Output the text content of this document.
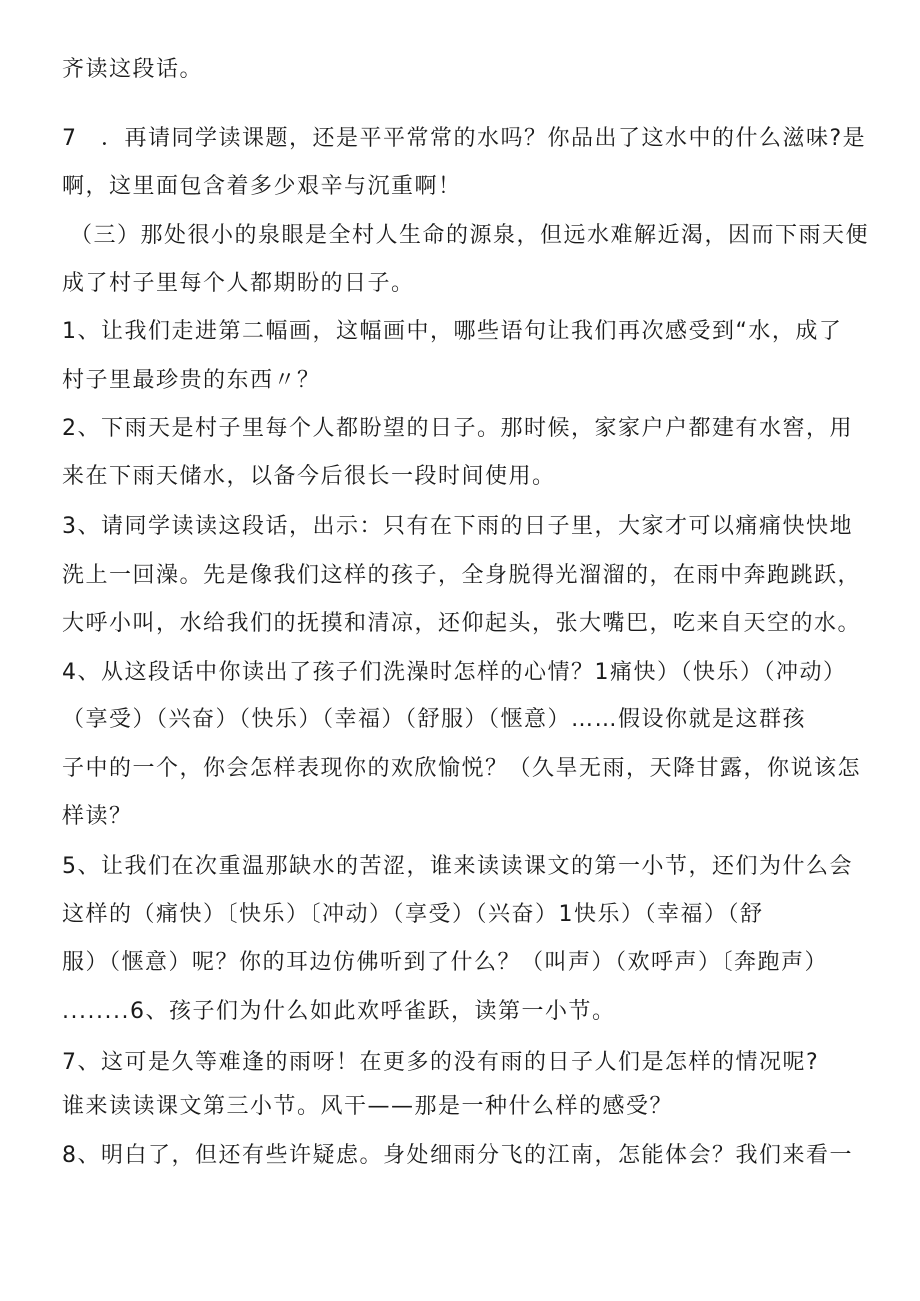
齐读这段话。
7　．再请同学读课题，还是平平常常的水吗？你品出了这水中的什么滋味?是
啊，这里面包含着多少艰辛与沉重啊！
（三）那处很小的泉眼是全村人生命的源泉，但远水难解近渴，因而下雨天便
成了村子里每个人都期盼的日子。
1、让我们走进第二幅画，这幅画中，哪些语句让我们再次感受到“水，成了
村子里最珍贵的东西〃？
2、下雨天是村子里每个人都盼望的日子。那时候，家家户户都建有水窖，用
来在下雨天储水，以备今后很长一段时间使用。
3、请同学读读这段话，出示：只有在下雨的日子里，大家才可以痛痛快快地
洗上一回澡。先是像我们这样的孩子，全身脱得光溜溜的，在雨中奔跑跳跃，
大呼小叫，水给我们的抚摸和清凉，还仰起头，张大嘴巴，吃来自天空的水。
4、从这段话中你读出了孩子们洗澡时怎样的心情？1痛快）（快乐）（冲动）
（享受）（兴奋）（快乐）（幸福）（舒服）（惬意）……假设你就是这群孩
子中的一个，你会怎样表现你的欢欣愉悦？（久旱无雨，天降甘露，你说该怎
样读？
5、让我们在次重温那缺水的苦涩，谁来读读课文的第一小节，还们为什么会
这样的（痛快）〔快乐）〔冲动）（享受）（兴奋）1快乐）（幸福）（舒
服）（惬意）呢？你的耳边仿佛听到了什么？（叫声）（欢呼声）〔奔跑声）
........6、孩子们为什么如此欢呼雀跃，读第一小节。
7、这可是久等难逢的雨呀！在更多的没有雨的日子人们是怎样的情况呢?
谁来读读课文第三小节。风干——那是一种什么样的感受？
8、明白了，但还有些许疑虑。身处细雨分飞的江南，怎能体会？我们来看一
